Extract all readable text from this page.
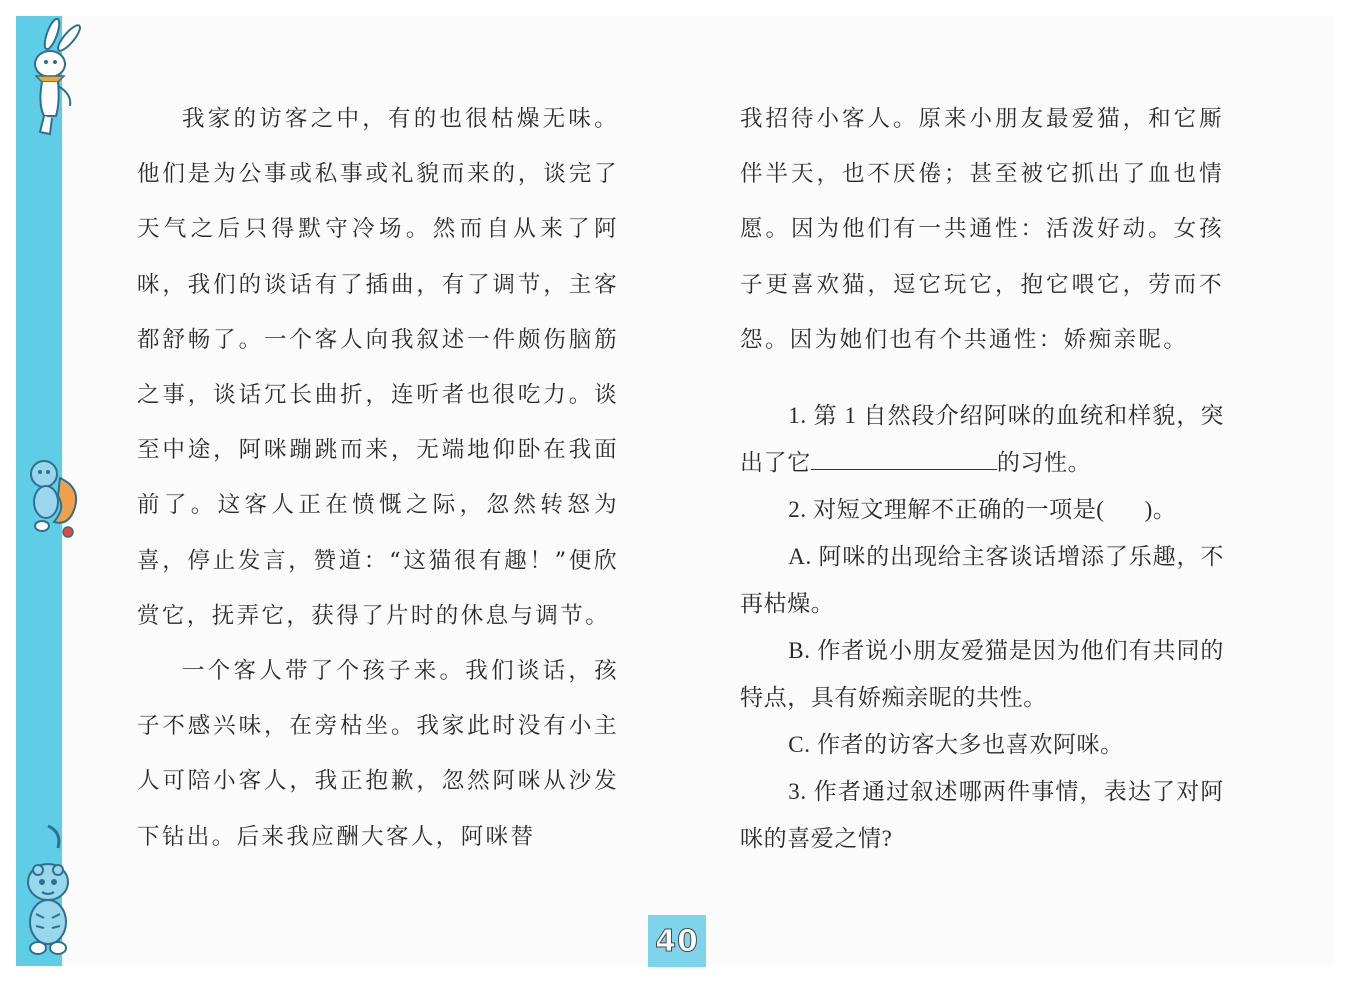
我家的访客之中，有的也很枯燥无味。他们是为公事或私事或礼貌而来的，谈完了天气之后只得默守冷场。然而自从来了阿咪，我们的谈话有了插曲，有了调节，主客都舒畅了。一个客人向我叙述一件颇伤脑筋之事，谈话冗长曲折，连听者也很吃力。谈至中途，阿咪蹦跳而来，无端地仰卧在我面前了。这客人正在愤慨之际，忽然转怒为喜，停止发言，赞道：“这猫很有趣！”便欣赏它，抚弄它，获得了片时的休息与调节。

一个客人带了个孩子来。我们谈话，孩子不感兴味，在旁枯坐。我家此时没有小主人可陪小客人，我正抱歉，忽然阿咪从沙发下钻出。后来我应酬大客人，阿咪替

我招待小客人。原来小朋友最爱猫，和它厮伴半天，也不厌倦；甚至被它抓出了血也情愿。因为他们有一共通性：活泼好动。女孩子更喜欢猫，逗它玩它，抱它喂它，劳而不怨。因为她们也有个共通性：娇痴亲昵。

1. 第 1 自然段介绍阿咪的血统和样貌，突出了它	的习性。

2. 对短文理解不正确的一项是( )。

A. 阿咪的出现给主客谈话增添了乐趣，不再枯燥。

B. 作者说小朋友爱猫是因为他们有共同的特点，具有娇痴亲昵的共性。

C. 作者的访客大多也喜欢阿咪。

3. 作者通过叙述哪两件事情，表达了对阿咪的喜爱之情?

40
